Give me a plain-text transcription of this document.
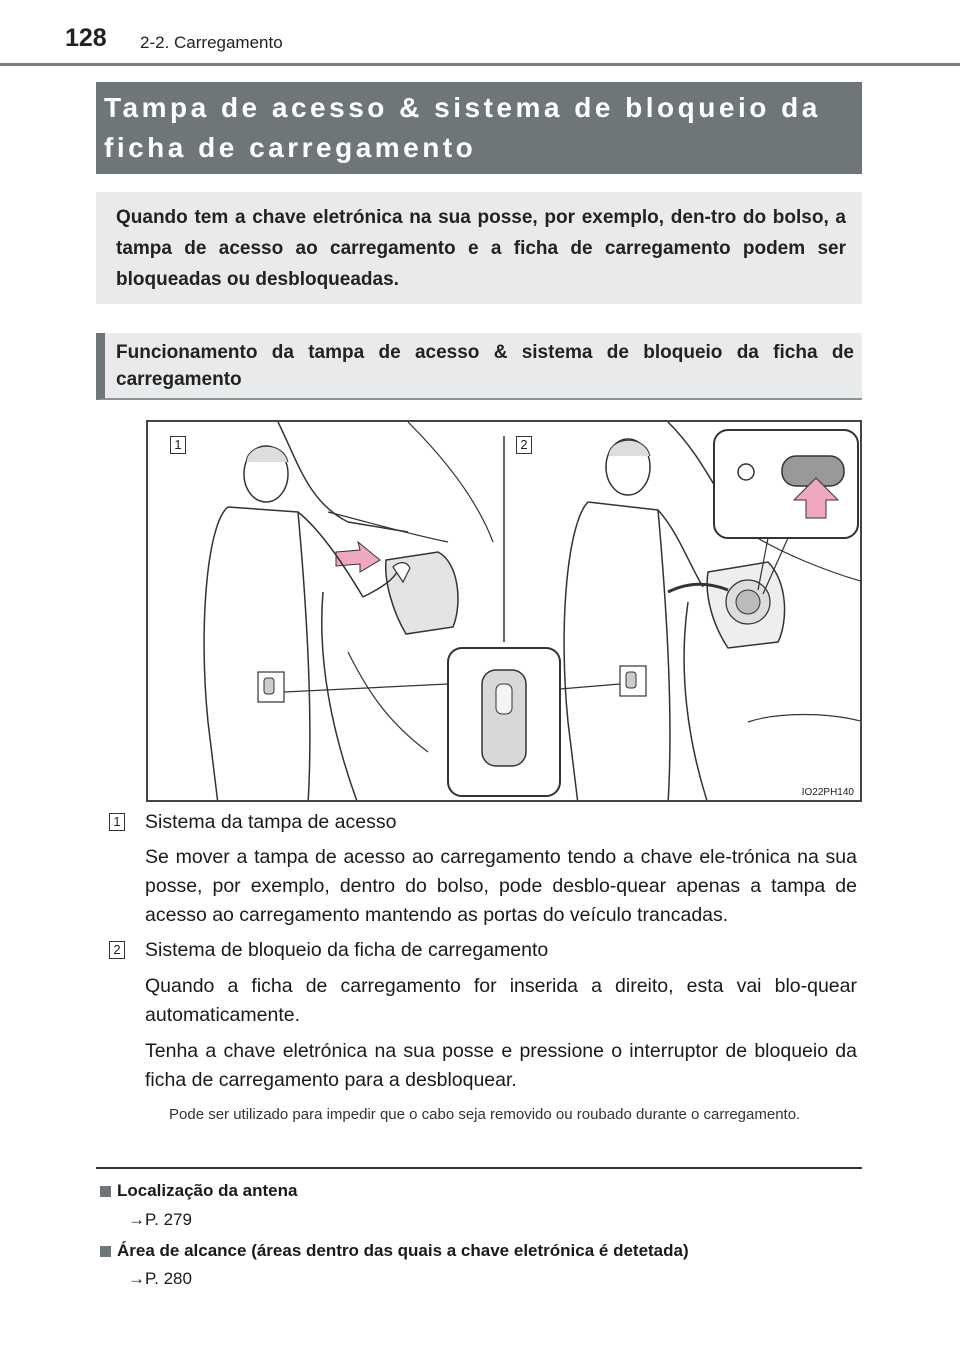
128 2-2. Carregamento
Tampa de acesso & sistema de bloqueio da ficha de carregamento
Quando tem a chave eletrónica na sua posse, por exemplo, den-tro do bolso, a tampa de acesso ao carregamento e a ficha de carregamento podem ser bloqueadas ou desbloqueadas.
Funcionamento da tampa de acesso & sistema de bloqueio da ficha de carregamento
1	2
IO22PH140
1 Sistema da tampa de acesso
Se mover a tampa de acesso ao carregamento tendo a chave ele-trónica na sua posse, por exemplo, dentro do bolso, pode desblo-quear apenas a tampa de acesso ao carregamento mantendo as portas do veículo trancadas.
2 Sistema de bloqueio da ficha de carregamento
Quando a ficha de carregamento for inserida a direito, esta vai blo-quear automaticamente.
Tenha a chave eletrónica na sua posse e pressione o interruptor de bloqueio da ficha de carregamento para a desbloquear.
Pode ser utilizado para impedir que o cabo seja removido ou roubado durante o carregamento.
Localização da antena
→P. 279
Área de alcance (áreas dentro das quais a chave eletrónica é detetada)
→P. 280
